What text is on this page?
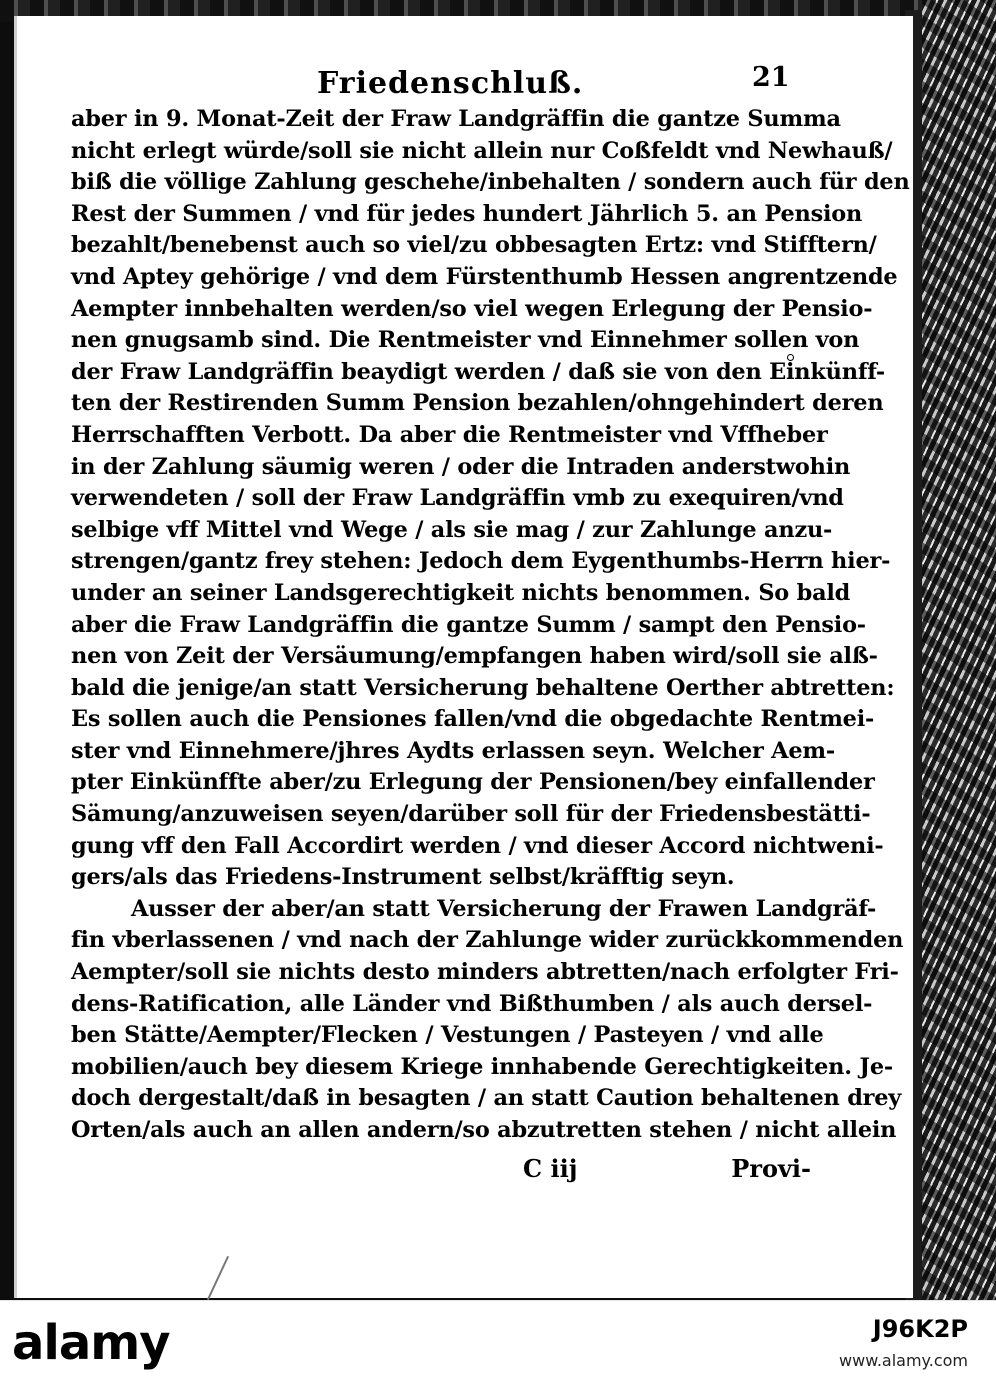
Friedenschluß.	21
aber in 9. Monat-Zeit der Fraw Landgräffin die gantze Summa
nicht erlegt würde/soll sie nicht allein nur Coßfeldt vnd Newhauß/
biß die völlige Zahlung geschehe/inbehalten / sondern auch für den
Rest der Summen / vnd für jedes hundert Jährlich 5. an Pension
bezahlt/benebenst auch so viel/zu obbesagten Ertz: vnd Stifftern/
vnd Aptey gehörige / vnd dem Fürstenthumb Hessen angrentzende
Aempter innbehalten werden/so viel wegen Erlegung der Pensio-
nen gnugsamb sind. Die Rentmeister vnd Einnehmer sollen von
der Fraw Landgräffin beaydigt werden / daß sie von den Einkünff-
ten der Restirenden Summ Pension bezahlen/ohngehindert deren
Herrschafften Verbott. Da aber die Rentmeister vnd Vffheber
in der Zahlung säumig weren / oder die Intraden anderstwohin
verwendeten / soll der Fraw Landgräffin vmb zu exequiren/vnd
selbige vff Mittel vnd Wege / als sie mag / zur Zahlunge anzu-
strengen/gantz frey stehen: Jedoch dem Eygenthumbs-Herrn hier-
under an seiner Landsgerechtigkeit nichts benommen. So bald
aber die Fraw Landgräffin die gantze Summ / sampt den Pensio-
nen von Zeit der Versäumung/empfangen haben wird/soll sie alß-
bald die jenige/an statt Versicherung behaltene Oerther abtretten:
Es sollen auch die Pensiones fallen/vnd die obgedachte Rentmei-
ster vnd Einnehmere/jhres Aydts erlassen seyn. Welcher Aem-
pter Einkünffte aber/zu Erlegung der Pensionen/bey einfallender
Sämung/anzuweisen seyen/darüber soll für der Friedensbestätti-
gung vff den Fall Accordirt werden / vnd dieser Accord nichtweni-
gers/als das Friedens-Instrument selbst/kräfftig seyn.
Ausser der aber/an statt Versicherung der Frawen Landgräf-
fin vberlassenen / vnd nach der Zahlunge wider zurückkommenden
Aempter/soll sie nichts desto minders abtretten/nach erfolgter Fri-
dens-Ratification, alle Länder vnd Bißthumben / als auch dersel-
ben Stätte/Aempter/Flecken / Vestungen / Pasteyen / vnd alle
mobilien/auch bey diesem Kriege innhabende Gerechtigkeiten. Je-
doch dergestalt/daß in besagten / an statt Caution behaltenen drey
Orten/als auch an allen andern/so abzutretten stehen / nicht allein
C iij	Provi-
alamy	J96K2P
www.alamy.com
